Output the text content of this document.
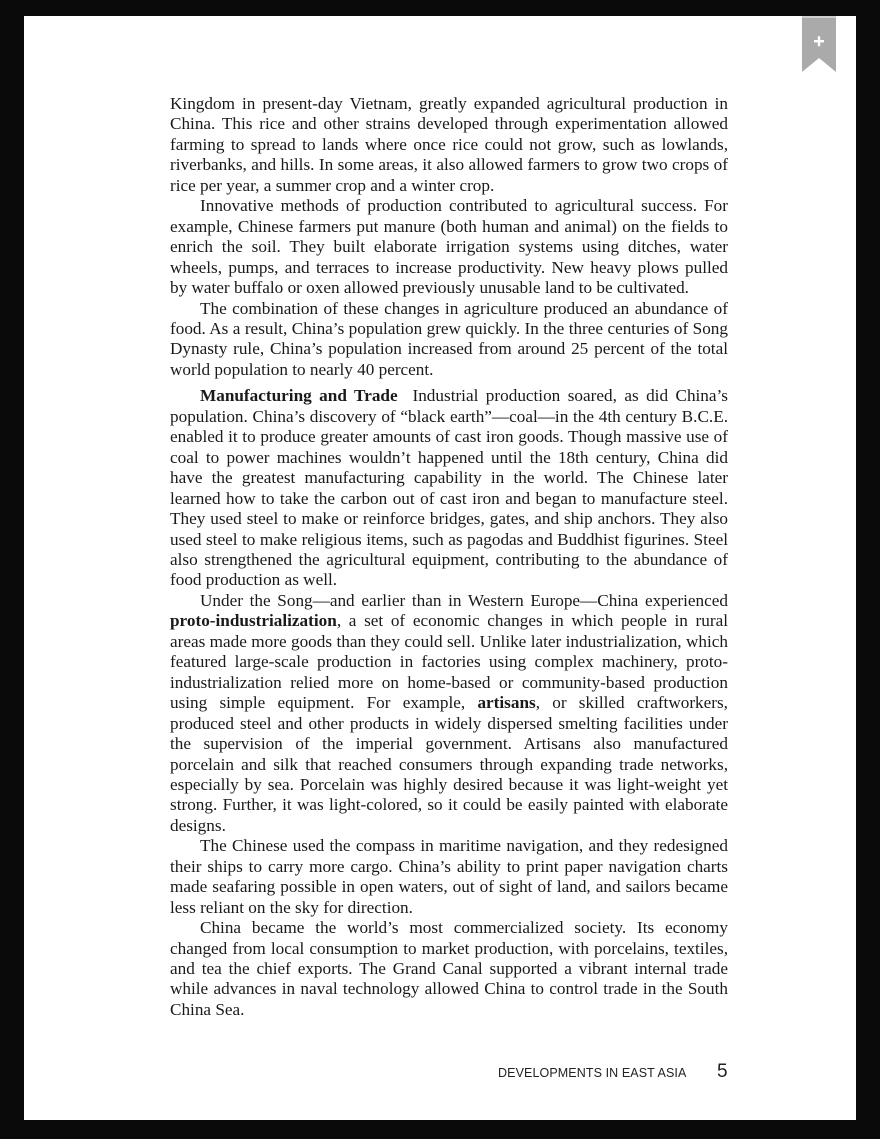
Kingdom in present-day Vietnam, greatly expanded agricultural production in China. This rice and other strains developed through experimentation allowed farming to spread to lands where once rice could not grow, such as lowlands, riverbanks, and hills. In some areas, it also allowed farmers to grow two crops of rice per year, a summer crop and a winter crop.

Innovative methods of production contributed to agricultural success. For example, Chinese farmers put manure (both human and animal) on the fields to enrich the soil. They built elaborate irrigation systems using ditches, water wheels, pumps, and terraces to increase productivity. New heavy plows pulled by water buffalo or oxen allowed previously unusable land to be cultivated.

The combination of these changes in agriculture produced an abundance of food. As a result, China’s population grew quickly. In the three centuries of Song Dynasty rule, China’s population increased from around 25 percent of the total world population to nearly 40 percent.

Manufacturing and Trade  Industrial production soared, as did China’s population. China’s discovery of “black earth”—coal—in the 4th century B.C.E. enabled it to produce greater amounts of cast iron goods. Though massive use of coal to power machines wouldn’t happened until the 18th century, China did have the greatest manufacturing capability in the world. The Chinese later learned how to take the carbon out of cast iron and began to manufacture steel. They used steel to make or reinforce bridges, gates, and ship anchors. They also used steel to make religious items, such as pagodas and Buddhist figurines. Steel also strengthened the agricultural equipment, contributing to the abundance of food production as well.

Under the Song—and earlier than in Western Europe—China experienced proto-industrialization, a set of economic changes in which people in rural areas made more goods than they could sell. Unlike later industrialization, which featured large-scale production in factories using complex machinery, proto-industrialization relied more on home-based or community-based production using simple equipment. For example, artisans, or skilled craftworkers, produced steel and other products in widely dispersed smelting facilities under the supervision of the imperial government. Artisans also manufactured porcelain and silk that reached consumers through expanding trade networks, especially by sea. Porcelain was highly desired because it was light-weight yet strong. Further, it was light-colored, so it could be easily painted with elaborate designs.

The Chinese used the compass in maritime navigation, and they redesigned their ships to carry more cargo. China’s ability to print paper navigation charts made seafaring possible in open waters, out of sight of land, and sailors became less reliant on the sky for direction.

China became the world’s most commercialized society. Its economy changed from local consumption to market production, with porcelains, textiles, and tea the chief exports. The Grand Canal supported a vibrant internal trade while advances in naval technology allowed China to control trade in the South China Sea.

DEVELOPMENTS IN EAST ASIA 5
